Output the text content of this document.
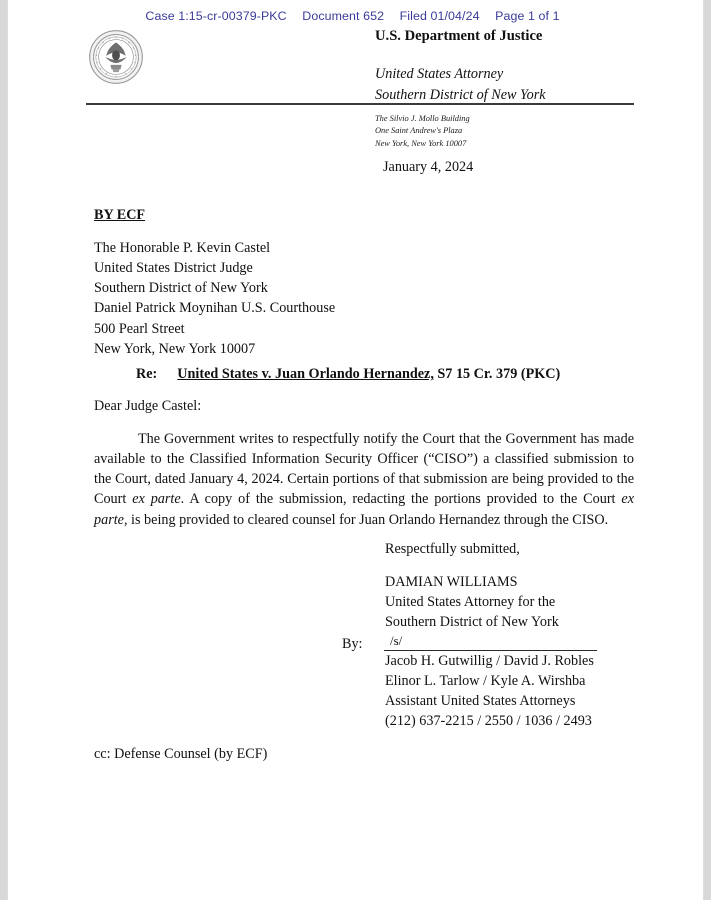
Case 1:15-cr-00379-PKC Document 652 Filed 01/04/24 Page 1 of 1
U.S. Department of Justice
United States Attorney
Southern District of New York
The Silvio J. Mollo Building
One Saint Andrew's Plaza
New York, New York 10007
January 4, 2024
BY ECF
The Honorable P. Kevin Castel
United States District Judge
Southern District of New York
Daniel Patrick Moynihan U.S. Courthouse
500 Pearl Street
New York, New York 10007
Re: United States v. Juan Orlando Hernandez, S7 15 Cr. 379 (PKC)
Dear Judge Castel:
The Government writes to respectfully notify the Court that the Government has made available to the Classified Information Security Officer (“CISO”) a classified submission to the Court, dated January 4, 2024. Certain portions of that submission are being provided to the Court ex parte. A copy of the submission, redacting the portions provided to the Court ex parte, is being provided to cleared counsel for Juan Orlando Hernandez through the CISO.
Respectfully submitted,
DAMIAN WILLIAMS
United States Attorney for the
Southern District of New York
By:	/s/
Jacob H. Gutwillig / David J. Robles
Elinor L. Tarlow / Kyle A. Wirshba
Assistant United States Attorneys
(212) 637-2215 / 2550 / 1036 / 2493
cc: Defense Counsel (by ECF)
